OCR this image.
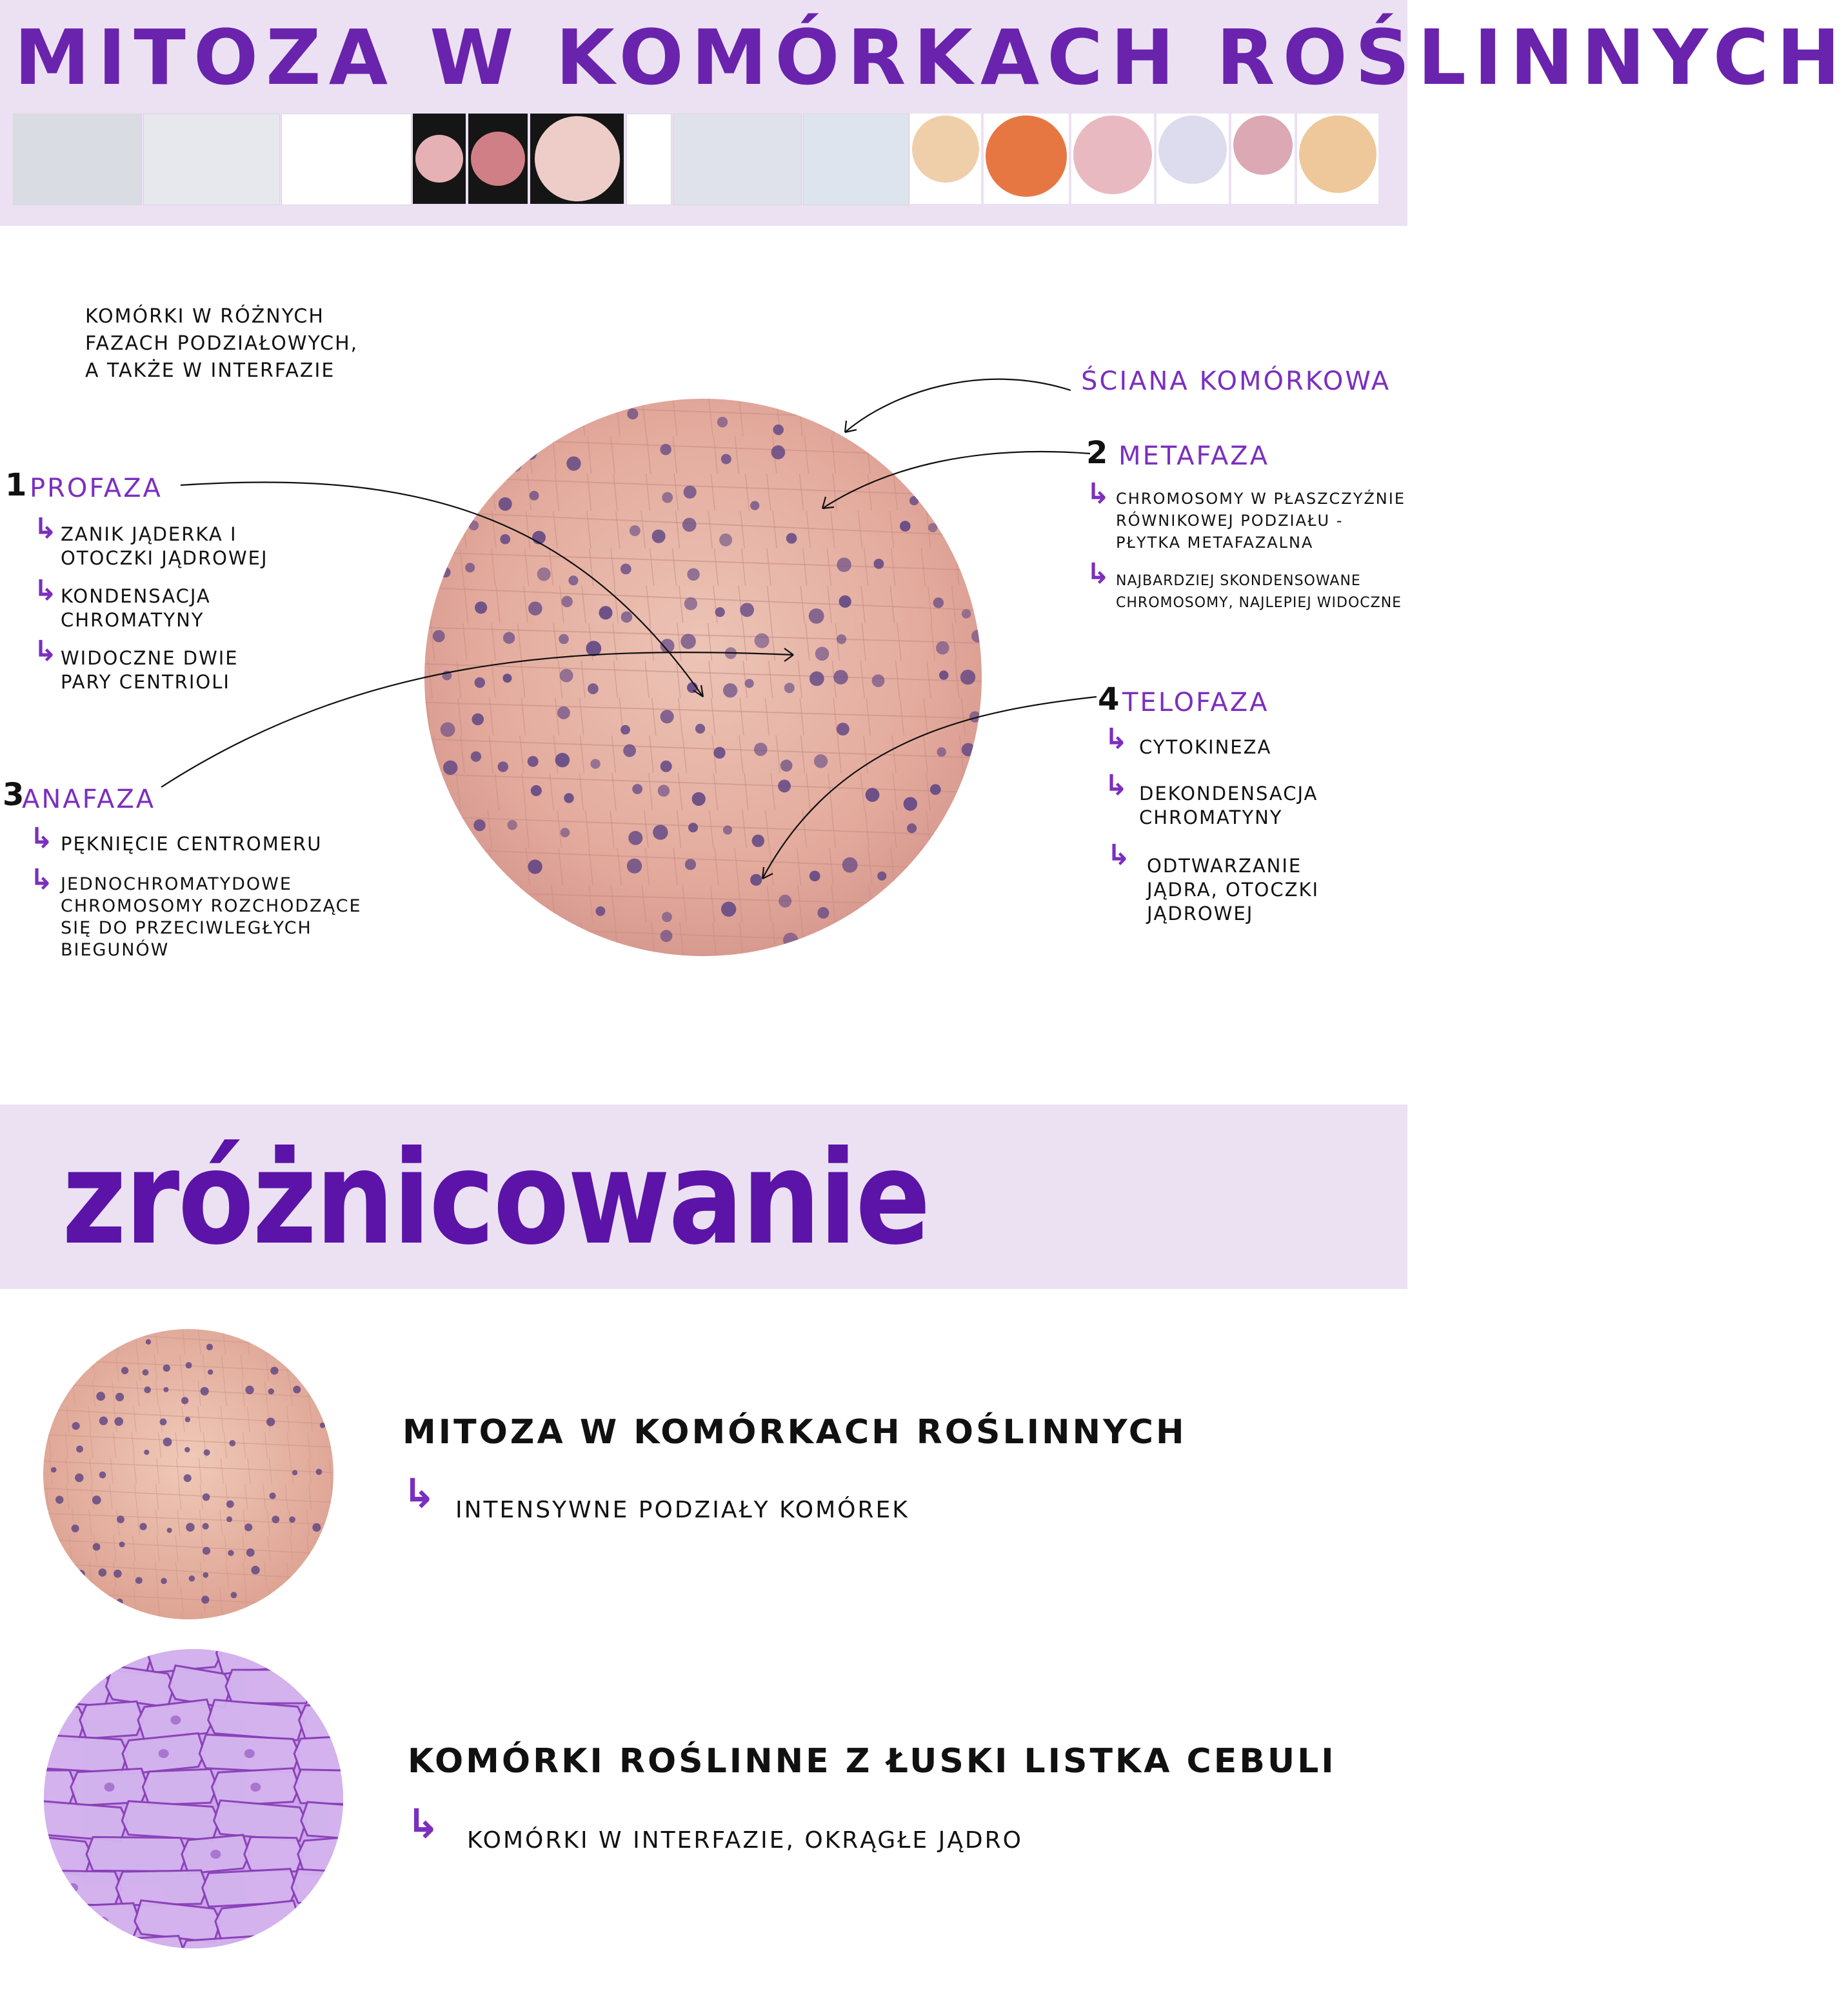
MITOZA W KOMÓRKACH ROŚLINNYCH
KOMÓRKI W RÓŻNYCH
FAZACH PODZIAŁOWYCH,
A TAKŻE W INTERFAZIE	ŚCIANA KOMÓRKOWA
1 PROFAZA
↳ ZANIK JĄDERKA I
OTOCZKI JĄDROWEJ
↳ KONDENSACJA
CHROMATYNY
↳ WIDOCZNE DWIE
PARY CENTRIOLI
2 METAFAZA
↳ CHROMOSOMY W PŁASZCZYŹNIE
RÓWNIKOWEJ PODZIAŁU -
PŁYTKA METAFAZALNA
↳ NAJBARDZIEJ SKONDENSOWANE
CHROMOSOMY, NAJLEPIEJ WIDOCZNE
3
ANAFAZA
↳ PĘKNIĘCIE CENTROMERU
↳ JEDNOCHROMATYDOWE
CHROMOSOMY ROZCHODZĄCE
SIĘ DO PRZECIWLEGŁYCH
BIEGUNÓW
4 TELOFAZA
↳ CYTOKINEZA
↳ DEKONDENSACJA
CHROMATYNY
↳ ODTWARZANIE
JĄDRA, OTOCZKI
JĄDROWEJ
zróżnicowanie
MITOZA W KOMÓRKACH ROŚLINNYCH
↳ INTENSYWNE PODZIAŁY KOMÓREK
KOMÓRKI ROŚLINNE Z ŁUSKI LISTKA CEBULI
↳ KOMÓRKI W INTERFAZIE, OKRĄGŁE JĄDRO
